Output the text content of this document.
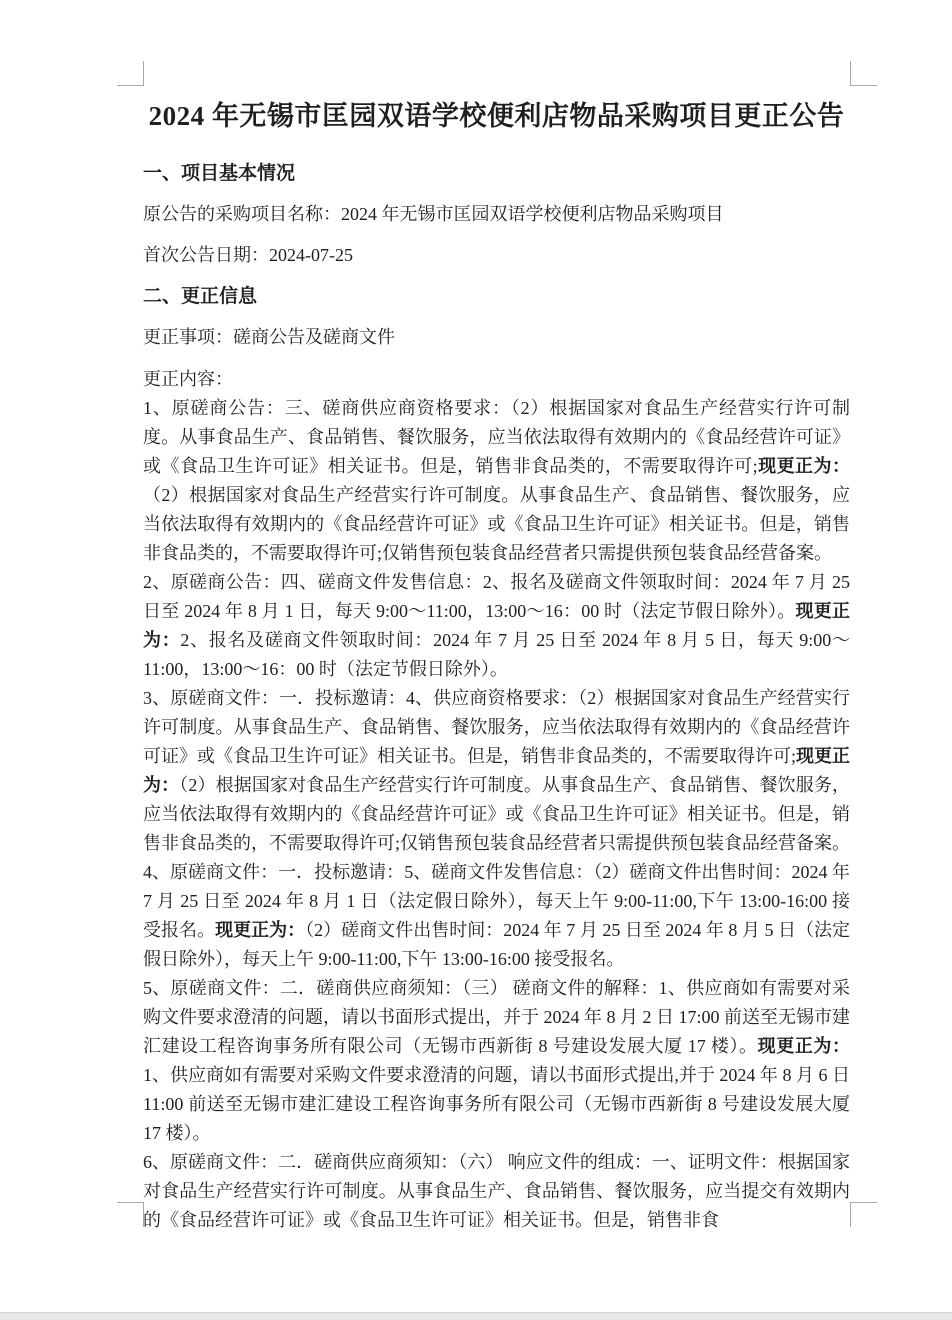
2024 年无锡市匡园双语学校便利店物品采购项目更正公告
一、项目基本情况

原公告的采购项目名称：2024 年无锡市匡园双语学校便利店物品采购项目

首次公告日期：2024-07-25

二、更正信息

更正事项：磋商公告及磋商文件

更正内容：

1、原磋商公告：三、磋商供应商资格要求：（2）根据国家对食品生产经营实行许可制度。从事食品生产、食品销售、餐饮服务，应当依法取得有效期内的《食品经营许可证》或《食品卫生许可证》相关证书。但是，销售非食品类的，不需要取得许可;现更正为：（2）根据国家对食品生产经营实行许可制度。从事食品生产、食品销售、餐饮服务，应当依法取得有效期内的《食品经营许可证》或《食品卫生许可证》相关证书。但是，销售非食品类的，不需要取得许可;仅销售预包装食品经营者只需提供预包装食品经营备案。

2、原磋商公告：四、磋商文件发售信息：2、报名及磋商文件领取时间：2024 年 7 月 25 日至 2024 年 8 月 1 日，每天 9:00～11:00，13:00～16：00 时（法定节假日除外）。现更正为：2、报名及磋商文件领取时间：2024 年 7 月 25 日至 2024 年 8 月 5 日，每天 9:00～11:00，13:00～16：00 时（法定节假日除外）。

3、原磋商文件：一．投标邀请：4、供应商资格要求：（2）根据国家对食品生产经营实行许可制度。从事食品生产、食品销售、餐饮服务，应当依法取得有效期内的《食品经营许可证》或《食品卫生许可证》相关证书。但是，销售非食品类的，不需要取得许可;现更正为：（2）根据国家对食品生产经营实行许可制度。从事食品生产、食品销售、餐饮服务，应当依法取得有效期内的《食品经营许可证》或《食品卫生许可证》相关证书。但是，销售非食品类的，不需要取得许可;仅销售预包装食品经营者只需提供预包装食品经营备案。

4、原磋商文件：一．投标邀请：5、磋商文件发售信息：（2）磋商文件出售时间：2024 年 7 月 25 日至 2024 年 8 月 1 日（法定假日除外），每天上午 9:00-11:00,下午 13:00-16:00 接受报名。现更正为：（2）磋商文件出售时间：2024 年 7 月 25 日至 2024 年 8 月 5 日（法定假日除外），每天上午 9:00-11:00,下午 13:00-16:00 接受报名。

5、原磋商文件：二．磋商供应商须知：（三） 磋商文件的解释：1、供应商如有需要对采购文件要求澄清的问题，请以书面形式提出，并于 2024 年 8 月 2 日 17:00 前送至无锡市建汇建设工程咨询事务所有限公司（无锡市西新街 8 号建设发展大厦 17 楼）。现更正为：1、供应商如有需要对采购文件要求澄清的问题，请以书面形式提出,并于 2024 年 8 月 6 日 11:00 前送至无锡市建汇建设工程咨询事务所有限公司（无锡市西新街 8 号建设发展大厦 17 楼）。

6、原磋商文件：二．磋商供应商须知：（六） 响应文件的组成：一、证明文件：根据国家对食品生产经营实行许可制度。从事食品生产、食品销售、餐饮服务，应当提交有效期内的《食品经营许可证》或《食品卫生许可证》相关证书。但是，销售非食
